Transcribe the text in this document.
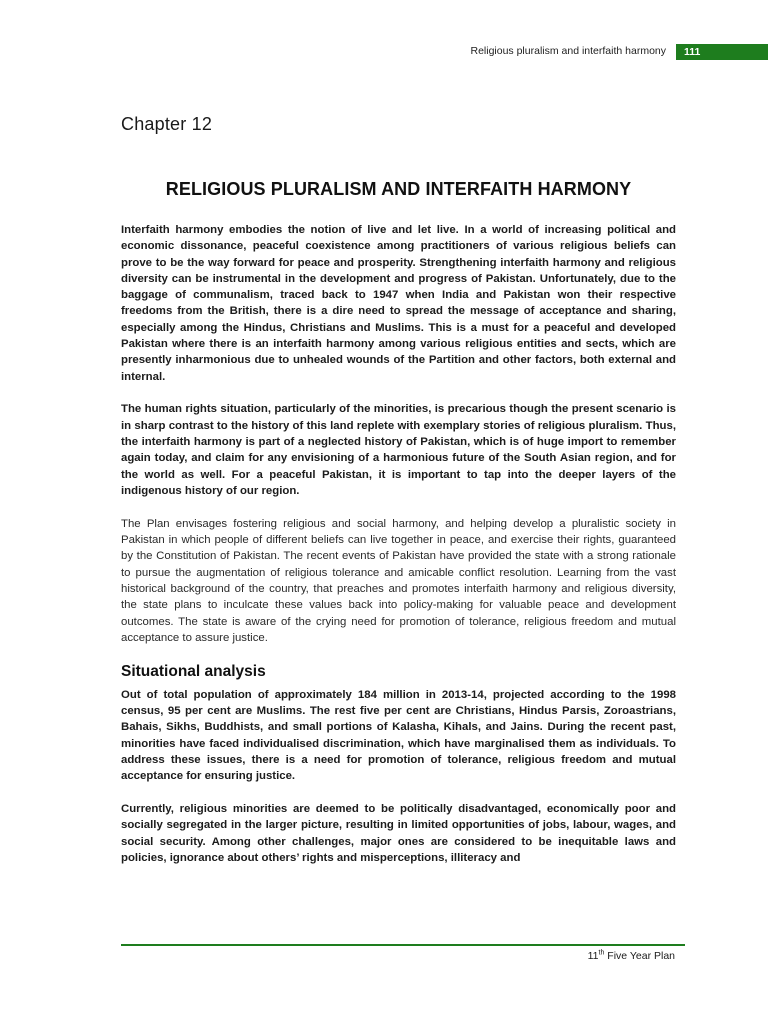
Religious pluralism and interfaith harmony	111
Chapter 12
RELIGIOUS PLURALISM AND INTERFAITH HARMONY

Interfaith harmony embodies the notion of live and let live. In a world of increasing political and economic dissonance, peaceful coexistence among practitioners of various religious beliefs can prove to be the way forward for peace and prosperity. Strengthening interfaith harmony and religious diversity can be instrumental in the development and progress of Pakistan. Unfortunately, due to the baggage of communalism, traced back to 1947 when India and Pakistan won their respective freedoms from the British, there is a dire need to spread the message of acceptance and sharing, especially among the Hindus, Christians and Muslims. This is a must for a peaceful and developed Pakistan where there is an interfaith harmony among various religious entities and sects, which are presently inharmonious due to unhealed wounds of the Partition and other factors, both external and internal.

The human rights situation, particularly of the minorities, is precarious though the present scenario is in sharp contrast to the history of this land replete with exemplary stories of religious pluralism. Thus, the interfaith harmony is part of a neglected history of Pakistan, which is of huge import to remember again today, and claim for any envisioning of a harmonious future of the South Asian region, and for the world as well. For a peaceful Pakistan, it is important to tap into the deeper layers of the indigenous history of our region.

The Plan envisages fostering religious and social harmony, and helping develop a pluralistic society in Pakistan in which people of different beliefs can live together in peace, and exercise their rights, guaranteed by the Constitution of Pakistan. The recent events of Pakistan have provided the state with a strong rationale to pursue the augmentation of religious tolerance and amicable conflict resolution. Learning from the vast historical background of the country, that preaches and promotes interfaith harmony and religious diversity, the state plans to inculcate these values back into policy-making for valuable peace and development outcomes. The state is aware of the crying need for promotion of tolerance, religious freedom and mutual acceptance to assure justice.

Situational analysis

Out of total population of approximately 184 million in 2013-14, projected according to the 1998 census, 95 per cent are Muslims. The rest five per cent are Christians, Hindus Parsis, Zoroastrians, Bahais, Sikhs, Buddhists, and small portions of Kalasha, Kihals, and Jains. During the recent past, minorities have faced individualised discrimination, which have marginalised them as individuals. To address these issues, there is a need for promotion of tolerance, religious freedom and mutual acceptance for ensuring justice.

Currently, religious minorities are deemed to be politically disadvantaged, economically poor and socially segregated in the larger picture, resulting in limited opportunities of jobs, labour, wages, and social security. Among other challenges, major ones are considered to be inequitable laws and policies, ignorance about others’ rights and misperceptions, illiteracy and

11th Five Year Plan
